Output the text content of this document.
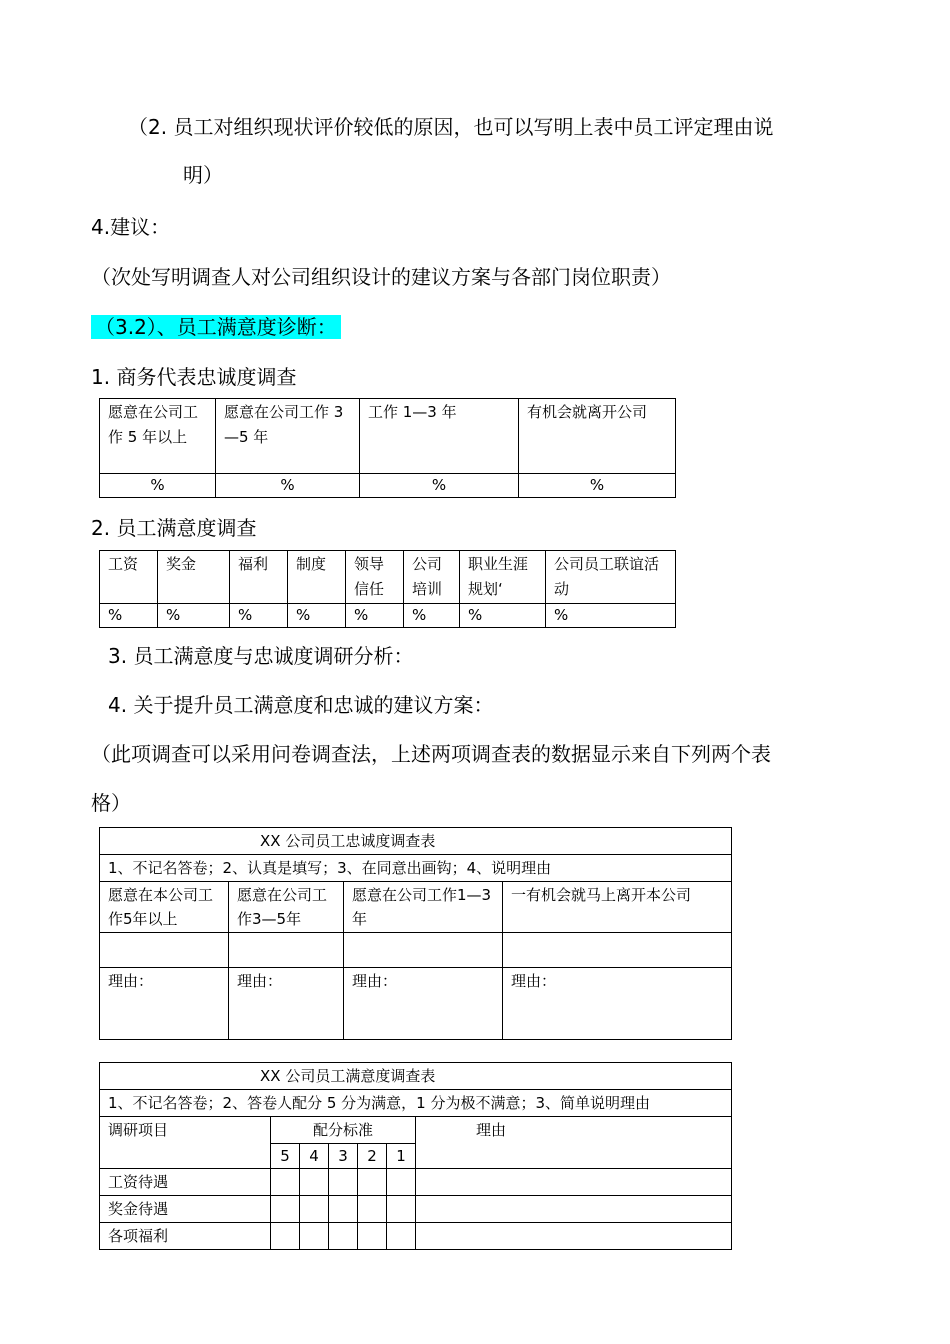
（2. 员工对组织现状评价较低的原因，也可以写明上表中员工评定理由说
明）
4.建议：
（次处写明调查人对公司组织设计的建议方案与各部门岗位职责）
（3.2）、员工满意度诊断：
1. 商务代表忠诚度调查
愿意在公司工作 5 年以上	愿意在公司工作 3—5 年	工作 1—3 年	有机会就离开公司
%	%	%	%
2. 员工满意度调查
工资	奖金	福利	制度	领导信任	公司培训	职业生涯规划‘	公司员工联谊活动
%	%	%	%	%	%	%	%
3. 员工满意度与忠诚度调研分析：
4. 关于提升员工满意度和忠诚的建议方案：
（此项调查可以采用问卷调查法，上述两项调查表的数据显示来自下列两个表
格）
XX 公司员工忠诚度调查表			
1、不记名答卷；2、认真是填写；3、在同意出画钩；4、说明理由			
愿意在本公司工作5年以上	愿意在公司工作3—5年	愿意在公司工作1—3 年	一有机会就马上离开本公司

理由：	理由：	理由：	理由：
XX 公司员工满意度调查表						
1、不记名答卷；2、答卷人配分 5 分为满意，1 分为极不满意；3、简单说明理由						
调研项目	配分标准					理由
	5	4	3	2	1	
工资待遇						
奖金待遇						
各项福利						
